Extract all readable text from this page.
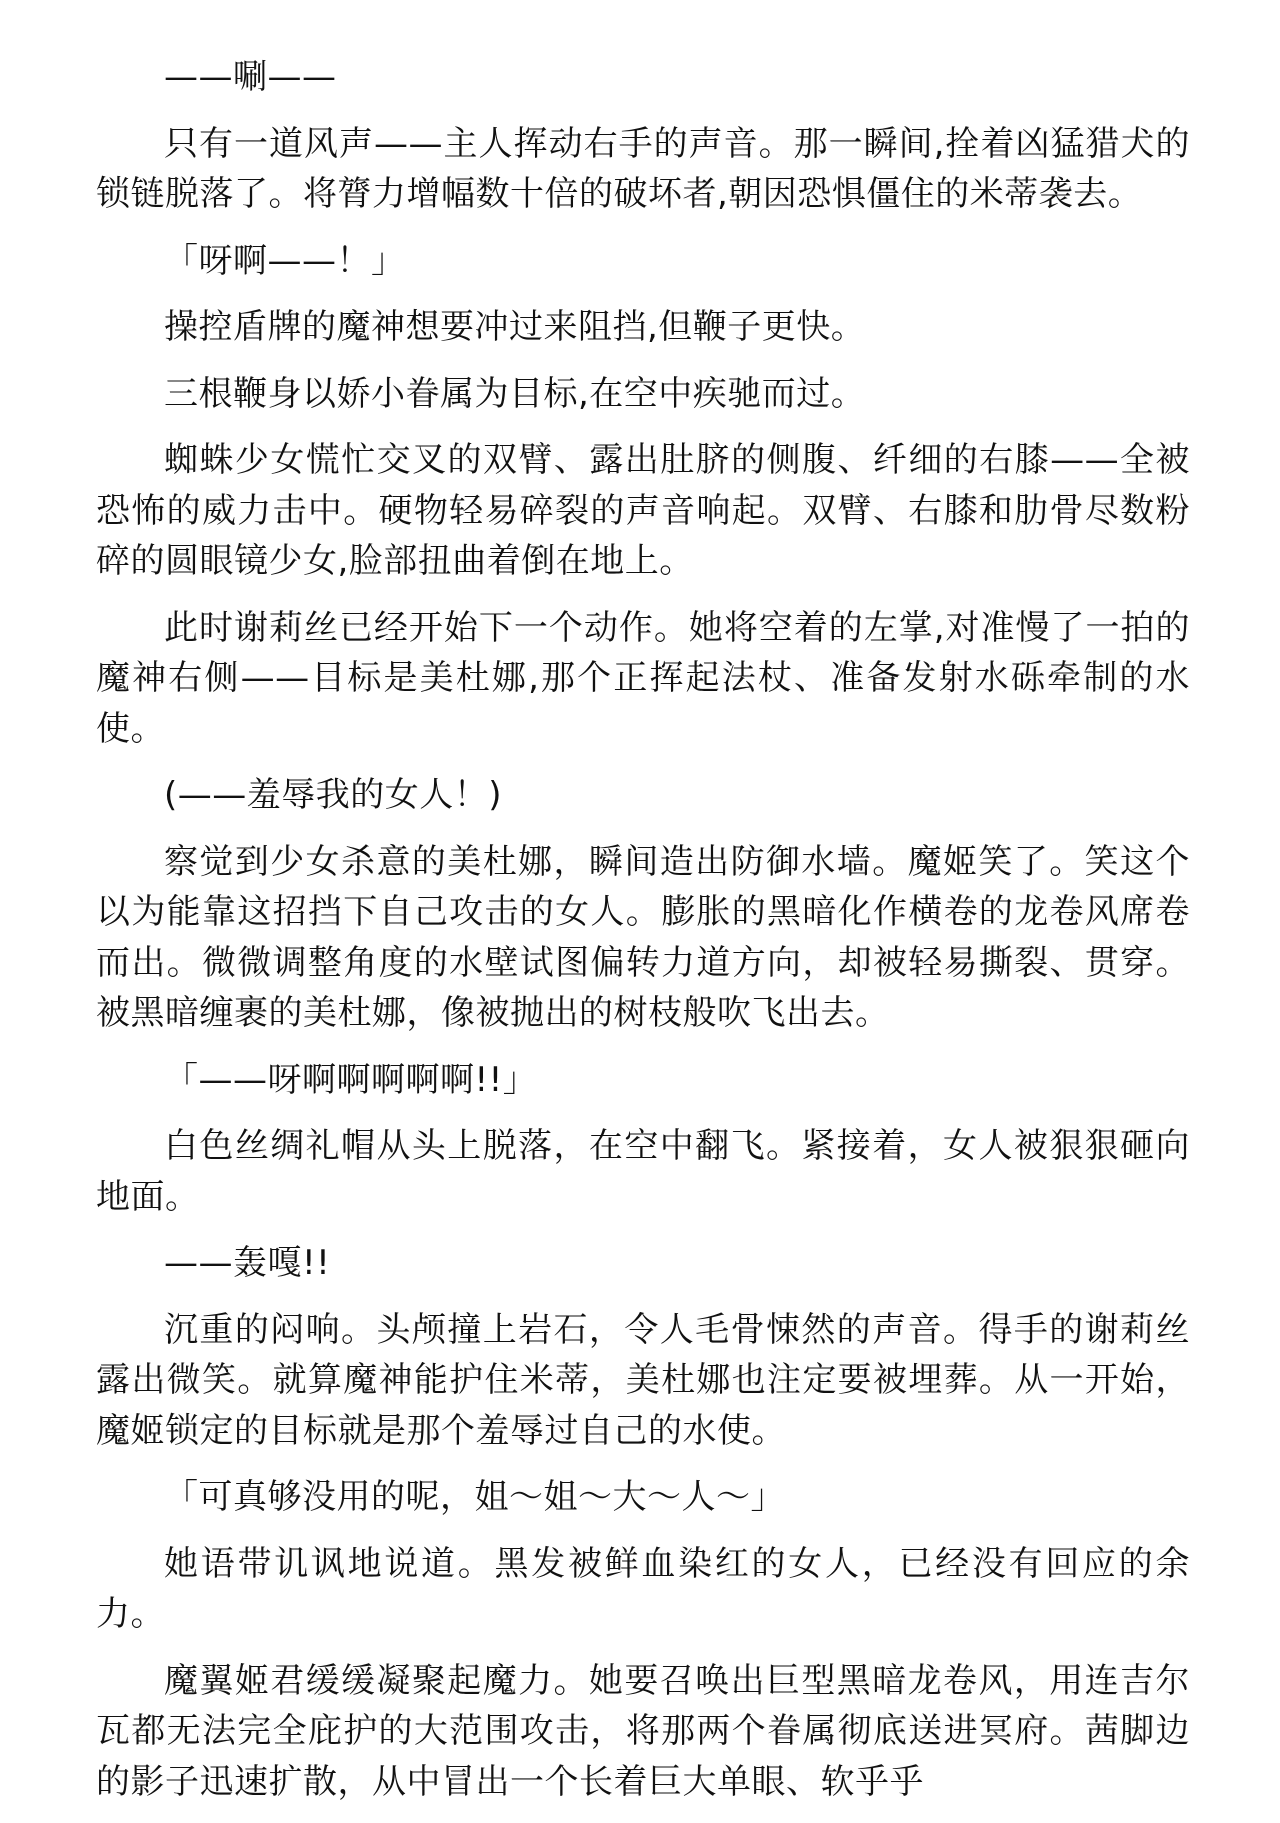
——唰——

只有一道风声——主人挥动右手的声音。那一瞬间,拴着凶猛猎犬的锁链脱落了。将膂力增幅数十倍的破坏者,朝因恐惧僵住的米蒂袭去。

「呀啊——！」

操控盾牌的魔神想要冲过来阻挡,但鞭子更快。

三根鞭身以娇小眷属为目标,在空中疾驰而过。

蜘蛛少女慌忙交叉的双臂、露出肚脐的侧腹、纤细的右膝——全被恐怖的威力击中。硬物轻易碎裂的声音响起。双臂、右膝和肋骨尽数粉碎的圆眼镜少女,脸部扭曲着倒在地上。

此时谢莉丝已经开始下一个动作。她将空着的左掌,对准慢了一拍的魔神右侧——目标是美杜娜,那个正挥起法杖、准备发射水砾牵制的水使。

(——羞辱我的女人！)

察觉到少女杀意的美杜娜，瞬间造出防御水墙。魔姬笑了。笑这个以为能靠这招挡下自己攻击的女人。膨胀的黑暗化作横卷的龙卷风席卷而出。微微调整角度的水壁试图偏转力道方向，却被轻易撕裂、贯穿。被黑暗缠裹的美杜娜，像被抛出的树枝般吹飞出去。

「——呀啊啊啊啊啊!!」

白色丝绸礼帽从头上脱落，在空中翻飞。紧接着，女人被狠狠砸向地面。

——轰嘎!!

沉重的闷响。头颅撞上岩石，令人毛骨悚然的声音。得手的谢莉丝露出微笑。就算魔神能护住米蒂，美杜娜也注定要被埋葬。从一开始，魔姬锁定的目标就是那个羞辱过自己的水使。

「可真够没用的呢，姐～姐～大～人～」

她语带讥讽地说道。黑发被鲜血染红的女人，已经没有回应的余力。

魔翼姬君缓缓凝聚起魔力。她要召唤出巨型黑暗龙卷风，用连吉尔瓦都无法完全庇护的大范围攻击，将那两个眷属彻底送进冥府。茜脚边的影子迅速扩散，从中冒出一个长着巨大单眼、软乎乎
